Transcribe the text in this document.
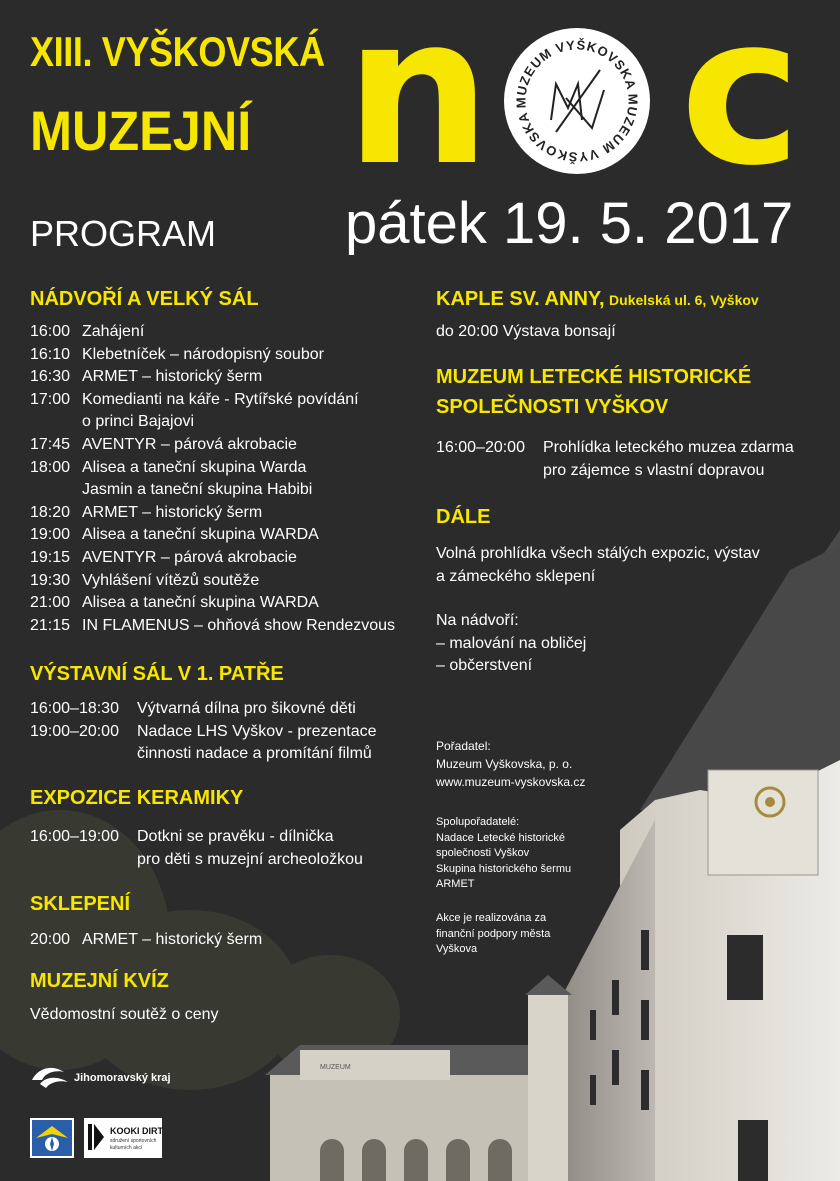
MUZEUM
XIII. VYŠKOVSKÁ
MUZEJNÍ n c
MUZEUM VYŠKOVSKA
MUZEUM VYŠKOVSKA
PROGRAM pátek 19. 5. 2017
NÁDVOŘÍ A VELKÝ SÁL
16:00 Zahájení
16:10 Klebetníček – národopisný soubor
16:30 ARMET – historický šerm
17:00 Komedianti na káře - Rytířské povídání
o princi Bajajovi
17:45 AVENTYR – párová akrobacie
18:00 Alisea a taneční skupina Warda
Jasmin a taneční skupina Habibi
18:20 ARMET – historický šerm
19:00 Alisea a taneční skupina WARDA
19:15 AVENTYR – párová akrobacie
19:30 Vyhlášení vítězů soutěže
21:00 Alisea a taneční skupina WARDA
21:15 IN FLAMENUS – ohňová show Rendezvous
VÝSTAVNÍ SÁL V 1. PATŘE
16:00–18:30 Výtvarná dílna pro šikovné děti
19:00–20:00 Nadace LHS Vyškov - prezentace
činnosti nadace a promítání filmů
EXPOZICE KERAMIKY
16:00–19:00 Dotkni se pravěku - dílnička
pro děti s muzejní archeoložkou
SKLEPENÍ
20:00 ARMET – historický šerm
MUZEJNÍ KVÍZ
Vědomostní soutěž o ceny
KAPLE SV. ANNY, Dukelská ul. 6, Vyškov
do 20:00 Výstava bonsají
MUZEUM LETECKÉ HISTORICKÉ
SPOLEČNOSTI VYŠKOV
16:00–20:00 Prohlídka leteckého muzea zdarma
pro zájemce s vlastní dopravou
DÁLE
Volná prohlídka všech stálých expozic, výstav
a zámeckého sklepení
Na nádvoří:
– malování na obličej
– občerstvení
Pořadatel:
Muzeum Vyškovska, p. o.
www.muzeum-vyskovska.cz
Spolupořadatelé:
Nadace Letecké historické
společnosti Vyškov
Skupina historického šermu
ARMET
Akce je realizována za
finanční podpory města
Vyškova
Jihomoravský kraj
KOOKI DIRT
sdružení sportovních
kulturních akcí
